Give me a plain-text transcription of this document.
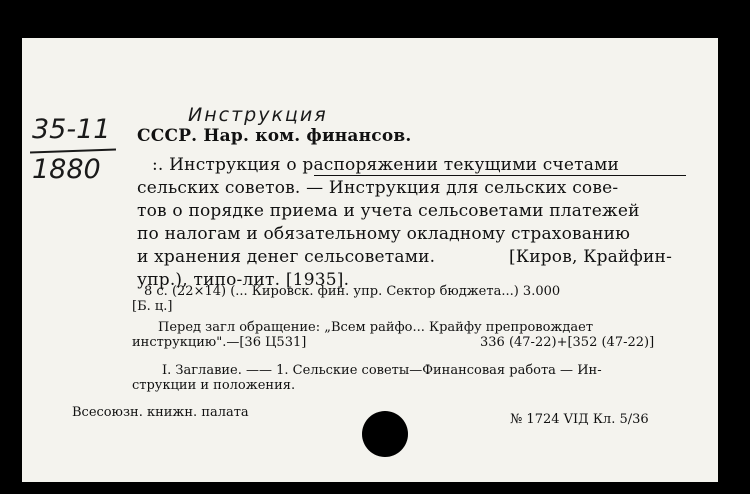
Инструкция
35-11
1880
СССР. Нар. ком. финансов.
:. Инструкция о распоряжении текущими счетами
сельских советов. — Инструкция для сельских сове-
тов о порядке приема и учета сельсоветами платежей
по налогам и обязательному окладному страхованию
и хранения денег сельсоветами.	[Киров, Крайфин-
упр.), типо-лит. [1935].
8 с. (22×14) (... Кировск. фин. упр. Сектор бюджета...) 3.000
[Б. ц.]
Перед загл обращение: „Всем райфо... Крайфу препровождает
инструкцию".—[36 Ц531]	336 (47-22)+[352 (47-22)]
I. Заглавие. —— 1. Сельские советы—Финансовая работа — Ин-
струкции и положения.
Всесоюзн. книжн. палата	№ 1724 VIД Кл. 5/36
